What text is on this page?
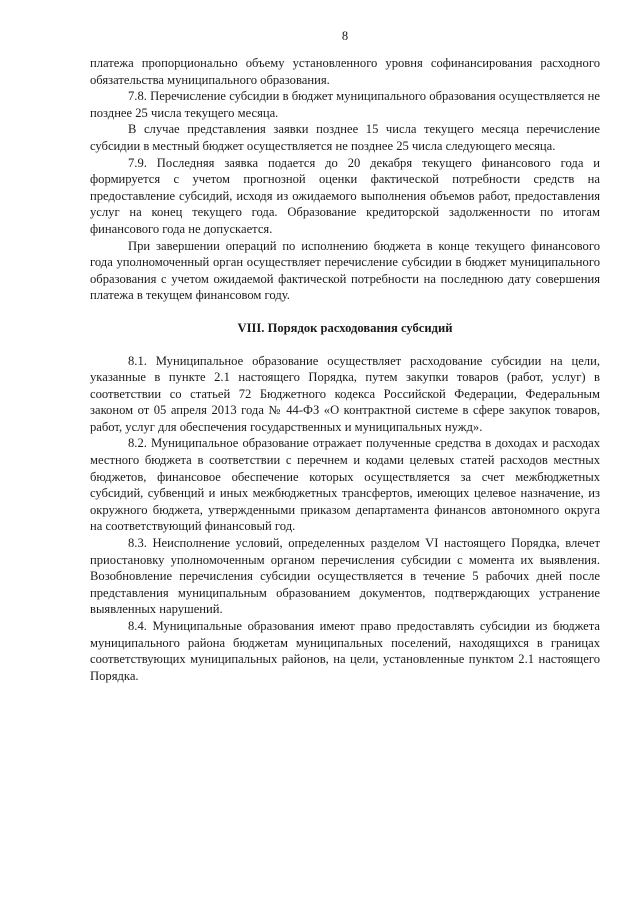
8

платежа пропорционально объему установленного уровня софинансирования расходного обязательства муниципального образования.

7.8. Перечисление субсидии в бюджет муниципального образования осуществляется не позднее 25 числа текущего месяца.

В случае представления заявки позднее 15 числа текущего месяца перечисление субсидии в местный бюджет осуществляется не позднее 25 числа следующего месяца.

7.9. Последняя заявка подается до 20 декабря текущего финансового года и формируется с учетом прогнозной оценки фактической потребности средств на предоставление субсидий, исходя из ожидаемого выполнения объемов работ, предоставления услуг на конец текущего года. Образование кредиторской задолженности по итогам финансового года не допускается.

При завершении операций по исполнению бюджета в конце текущего финансового года уполномоченный орган осуществляет перечисление субсидии в бюджет муниципального образования с учетом ожидаемой фактической потребности на последнюю дату совершения платежа в текущем финансовом году.

VIII. Порядок расходования субсидий

8.1. Муниципальное образование осуществляет расходование субсидии на цели, указанные в пункте 2.1 настоящего Порядка, путем закупки товаров (работ, услуг) в соответствии со статьей 72 Бюджетного кодекса Российской Федерации, Федеральным законом от 05 апреля 2013 года № 44-ФЗ «О контрактной системе в сфере закупок товаров, работ, услуг для обеспечения государственных и муниципальных нужд».

8.2. Муниципальное образование отражает полученные средства в доходах и расходах местного бюджета в соответствии с перечнем и кодами целевых статей расходов местных бюджетов, финансовое обеспечение которых осуществляется за счет межбюджетных субсидий, субвенций и иных межбюджетных трансфертов, имеющих целевое назначение, из окружного бюджета, утвержденными приказом департамента финансов автономного округа на соответствующий финансовый год.

8.3. Неисполнение условий, определенных разделом VI настоящего Порядка, влечет приостановку уполномоченным органом перечисления субсидии с момента их выявления. Возобновление перечисления субсидии осуществляется в течение 5 рабочих дней после представления муниципальным образованием документов, подтверждающих устранение выявленных нарушений.

8.4. Муниципальные образования имеют право предоставлять субсидии из бюджета муниципального района бюджетам муниципальных поселений, находящихся в границах соответствующих муниципальных районов, на цели, установленные пунктом 2.1 настоящего Порядка.
